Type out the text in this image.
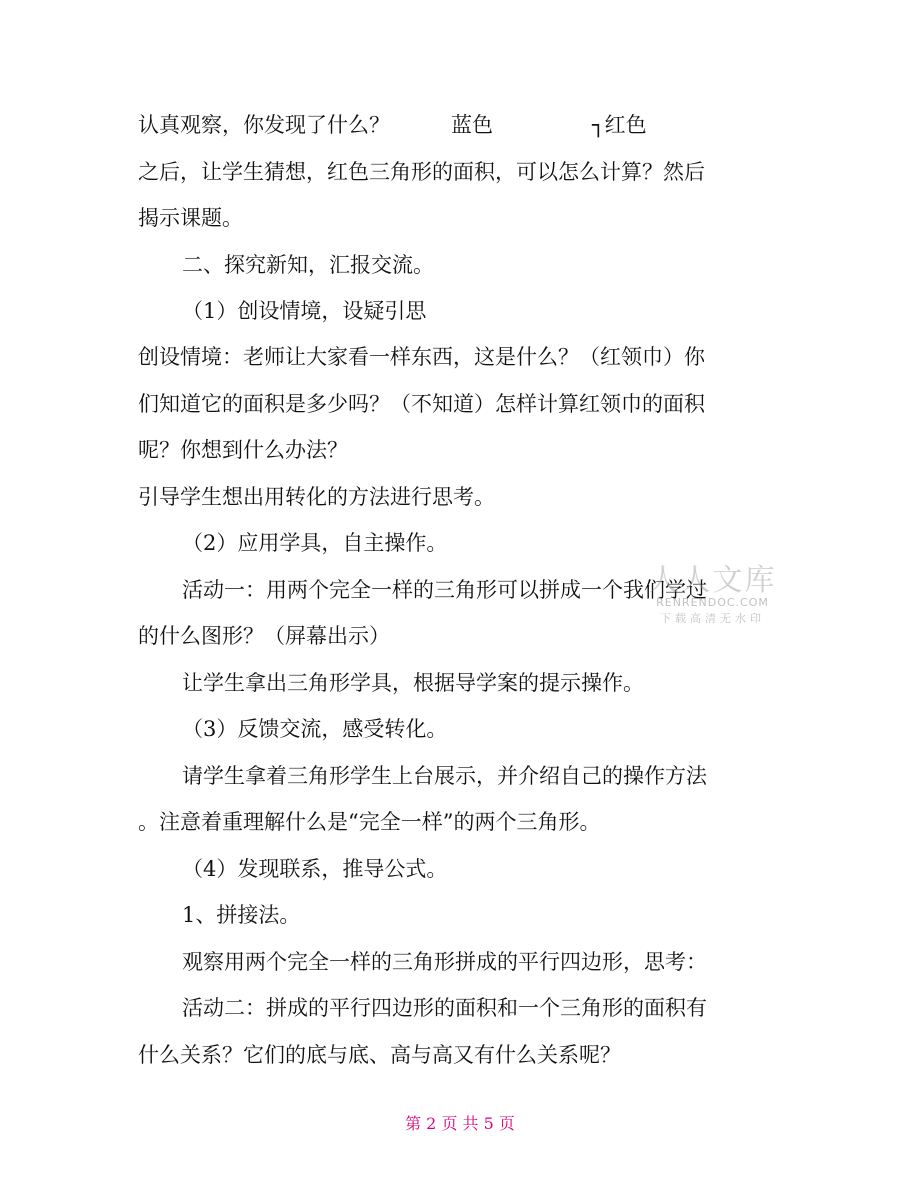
认真观察，你发现了什么？	蓝色	┐红色
之后，让学生猜想，红色三角形的面积，可以怎么计算？然后
揭示课题。
二、探究新知，汇报交流。
（1）创设情境，设疑引思
创设情境：老师让大家看一样东西，这是什么？（红领巾）你
们知道它的面积是多少吗？（不知道）怎样计算红领巾的面积
呢？你想到什么办法？
引导学生想出用转化的方法进行思考。
（2）应用学具，自主操作。
活动一：用两个完全一样的三角形可以拼成一个我们学过
的什么图形？（屏幕出示）
让学生拿出三角形学具，根据导学案的提示操作。
（3）反馈交流，感受转化。
请学生拿着三角形学生上台展示，并介绍自己的操作方法
。注意着重理解什么是“完全一样”的两个三角形。
（4）发现联系，推导公式。
1、拼接法。
观察用两个完全一样的三角形拼成的平行四边形，思考：
活动二：拼成的平行四边形的面积和一个三角形的面积有
什么关系？它们的底与底、高与高又有什么关系呢？
人人文库
RENRENDOC.COM
下载高清无水印
第 2 页 共 5 页
